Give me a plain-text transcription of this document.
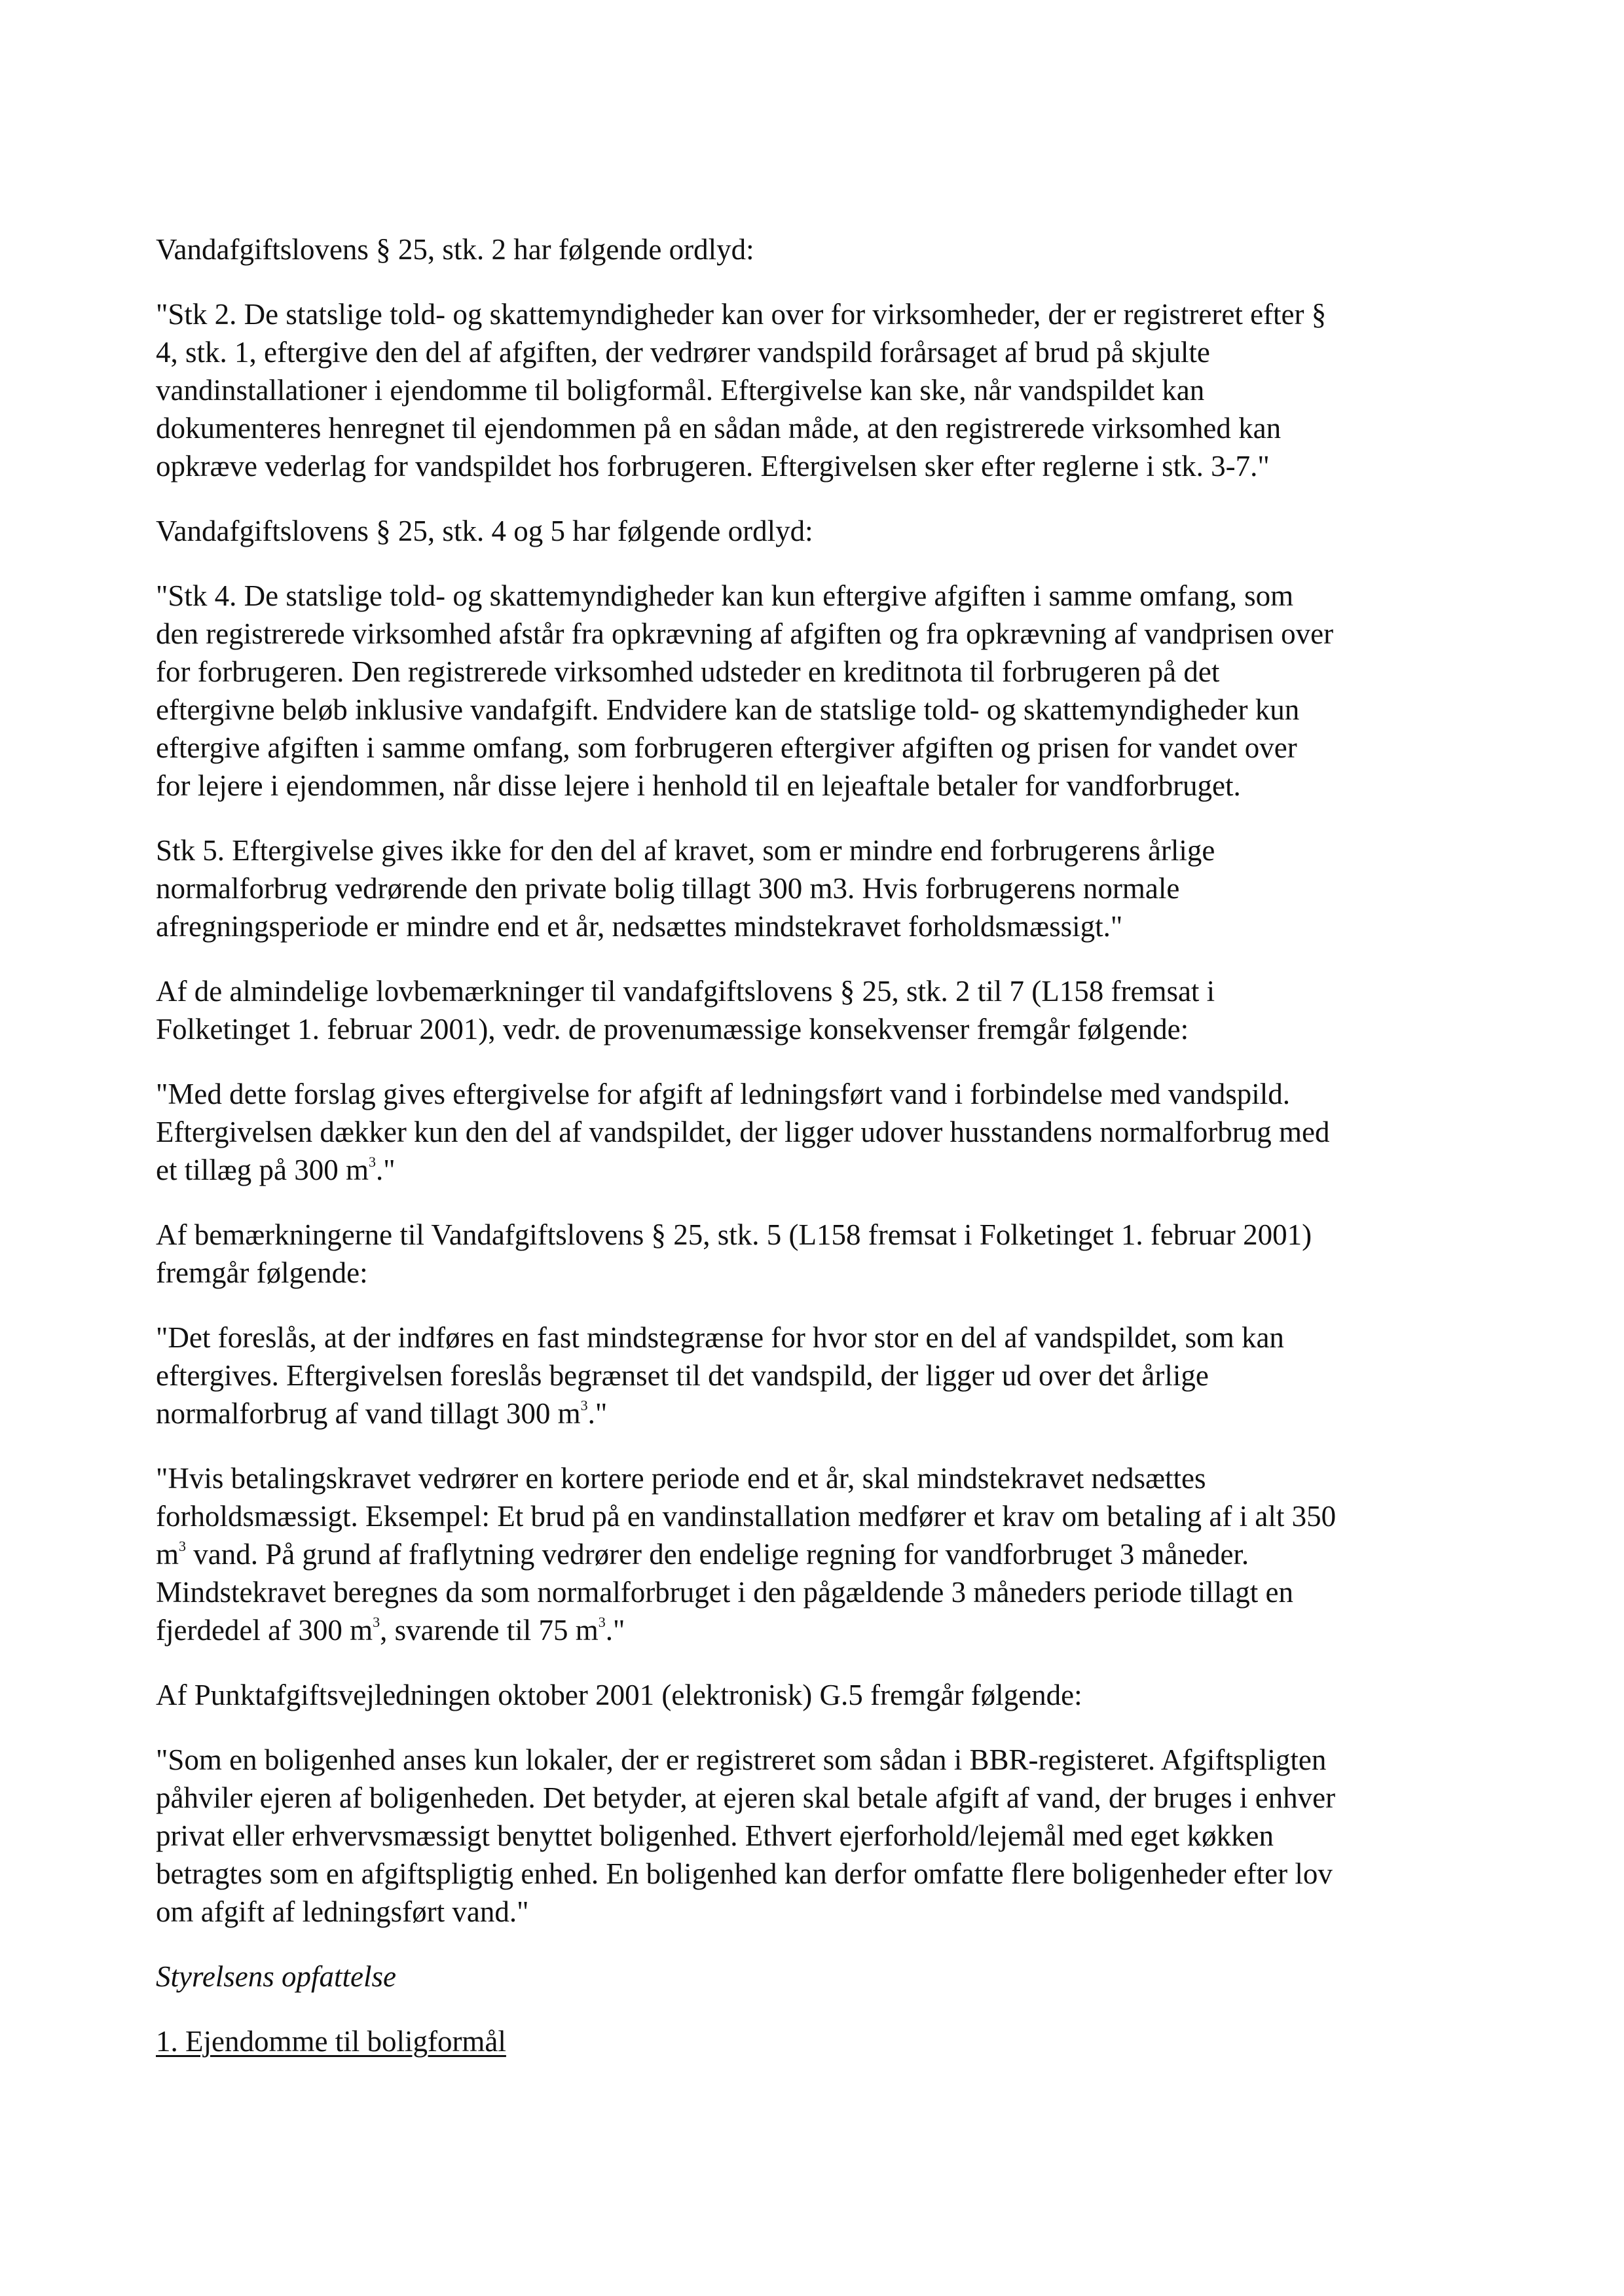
Vandafgiftslovens § 25, stk. 2 har følgende ordlyd:

"Stk 2. De statslige told- og skattemyndigheder kan over for virksomheder, der er registreret efter §
4, stk. 1, eftergive den del af afgiften, der vedrører vandspild forårsaget af brud på skjulte
vandinstallationer i ejendomme til boligformål. Eftergivelse kan ske, når vandspildet kan
dokumenteres henregnet til ejendommen på en sådan måde, at den registrerede virksomhed kan
opkræve vederlag for vandspildet hos forbrugeren. Eftergivelsen sker efter reglerne i stk. 3-7."

Vandafgiftslovens § 25, stk. 4 og 5 har følgende ordlyd:

"Stk 4. De statslige told- og skattemyndigheder kan kun eftergive afgiften i samme omfang, som
den registrerede virksomhed afstår fra opkrævning af afgiften og fra opkrævning af vandprisen over
for forbrugeren. Den registrerede virksomhed udsteder en kreditnota til forbrugeren på det
eftergivne beløb inklusive vandafgift. Endvidere kan de statslige told- og skattemyndigheder kun
eftergive afgiften i samme omfang, som forbrugeren eftergiver afgiften og prisen for vandet over
for lejere i ejendommen, når disse lejere i henhold til en lejeaftale betaler for vandforbruget.

Stk 5. Eftergivelse gives ikke for den del af kravet, som er mindre end forbrugerens årlige
normalforbrug vedrørende den private bolig tillagt 300 m3. Hvis forbrugerens normale
afregningsperiode er mindre end et år, nedsættes mindstekravet forholdsmæssigt."

Af de almindelige lovbemærkninger til vandafgiftslovens § 25, stk. 2 til 7 (L158 fremsat i
Folketinget 1. februar 2001), vedr. de provenumæssige konsekvenser fremgår følgende:

"Med dette forslag gives eftergivelse for afgift af ledningsført vand i forbindelse med vandspild.
Eftergivelsen dækker kun den del af vandspildet, der ligger udover husstandens normalforbrug med
et tillæg på 300 $m^3$."

Af bemærkningerne til Vandafgiftslovens § 25, stk. 5 (L158 fremsat i Folketinget 1. februar 2001)
fremgår følgende:

"Det foreslås, at der indføres en fast mindstegrænse for hvor stor en del af vandspildet, som kan
eftergives. Eftergivelsen foreslås begrænset til det vandspild, der ligger ud over det årlige
normalforbrug af vand tillagt 300 $m^3$."

"Hvis betalingskravet vedrører en kortere periode end et år, skal mindstekravet nedsættes
forholdsmæssigt. Eksempel: Et brud på en vandinstallation medfører et krav om betaling af i alt 350
$m^3$ vand. På grund af fraflytning vedrører den endelige regning for vandforbruget 3 måneder.
Mindstekravet beregnes da som normalforbruget i den pågældende 3 måneders periode tillagt en
fjerdedel af 300 $m^3$, svarende til 75 $m^3$."

Af Punktafgiftsvejledningen oktober 2001 (elektronisk) G.5 fremgår følgende:

"Som en boligenhed anses kun lokaler, der er registreret som sådan i BBR-registeret. Afgiftspligten
påhviler ejeren af boligenheden. Det betyder, at ejeren skal betale afgift af vand, der bruges i enhver
privat eller erhvervsmæssigt benyttet boligenhed. Ethvert ejerforhold/lejemål med eget køkken
betragtes som en afgiftspligtig enhed. En boligenhed kan derfor omfatte flere boligenheder efter lov
om afgift af ledningsført vand."

Styrelsens opfattelse

1. Ejendomme til boligformål
